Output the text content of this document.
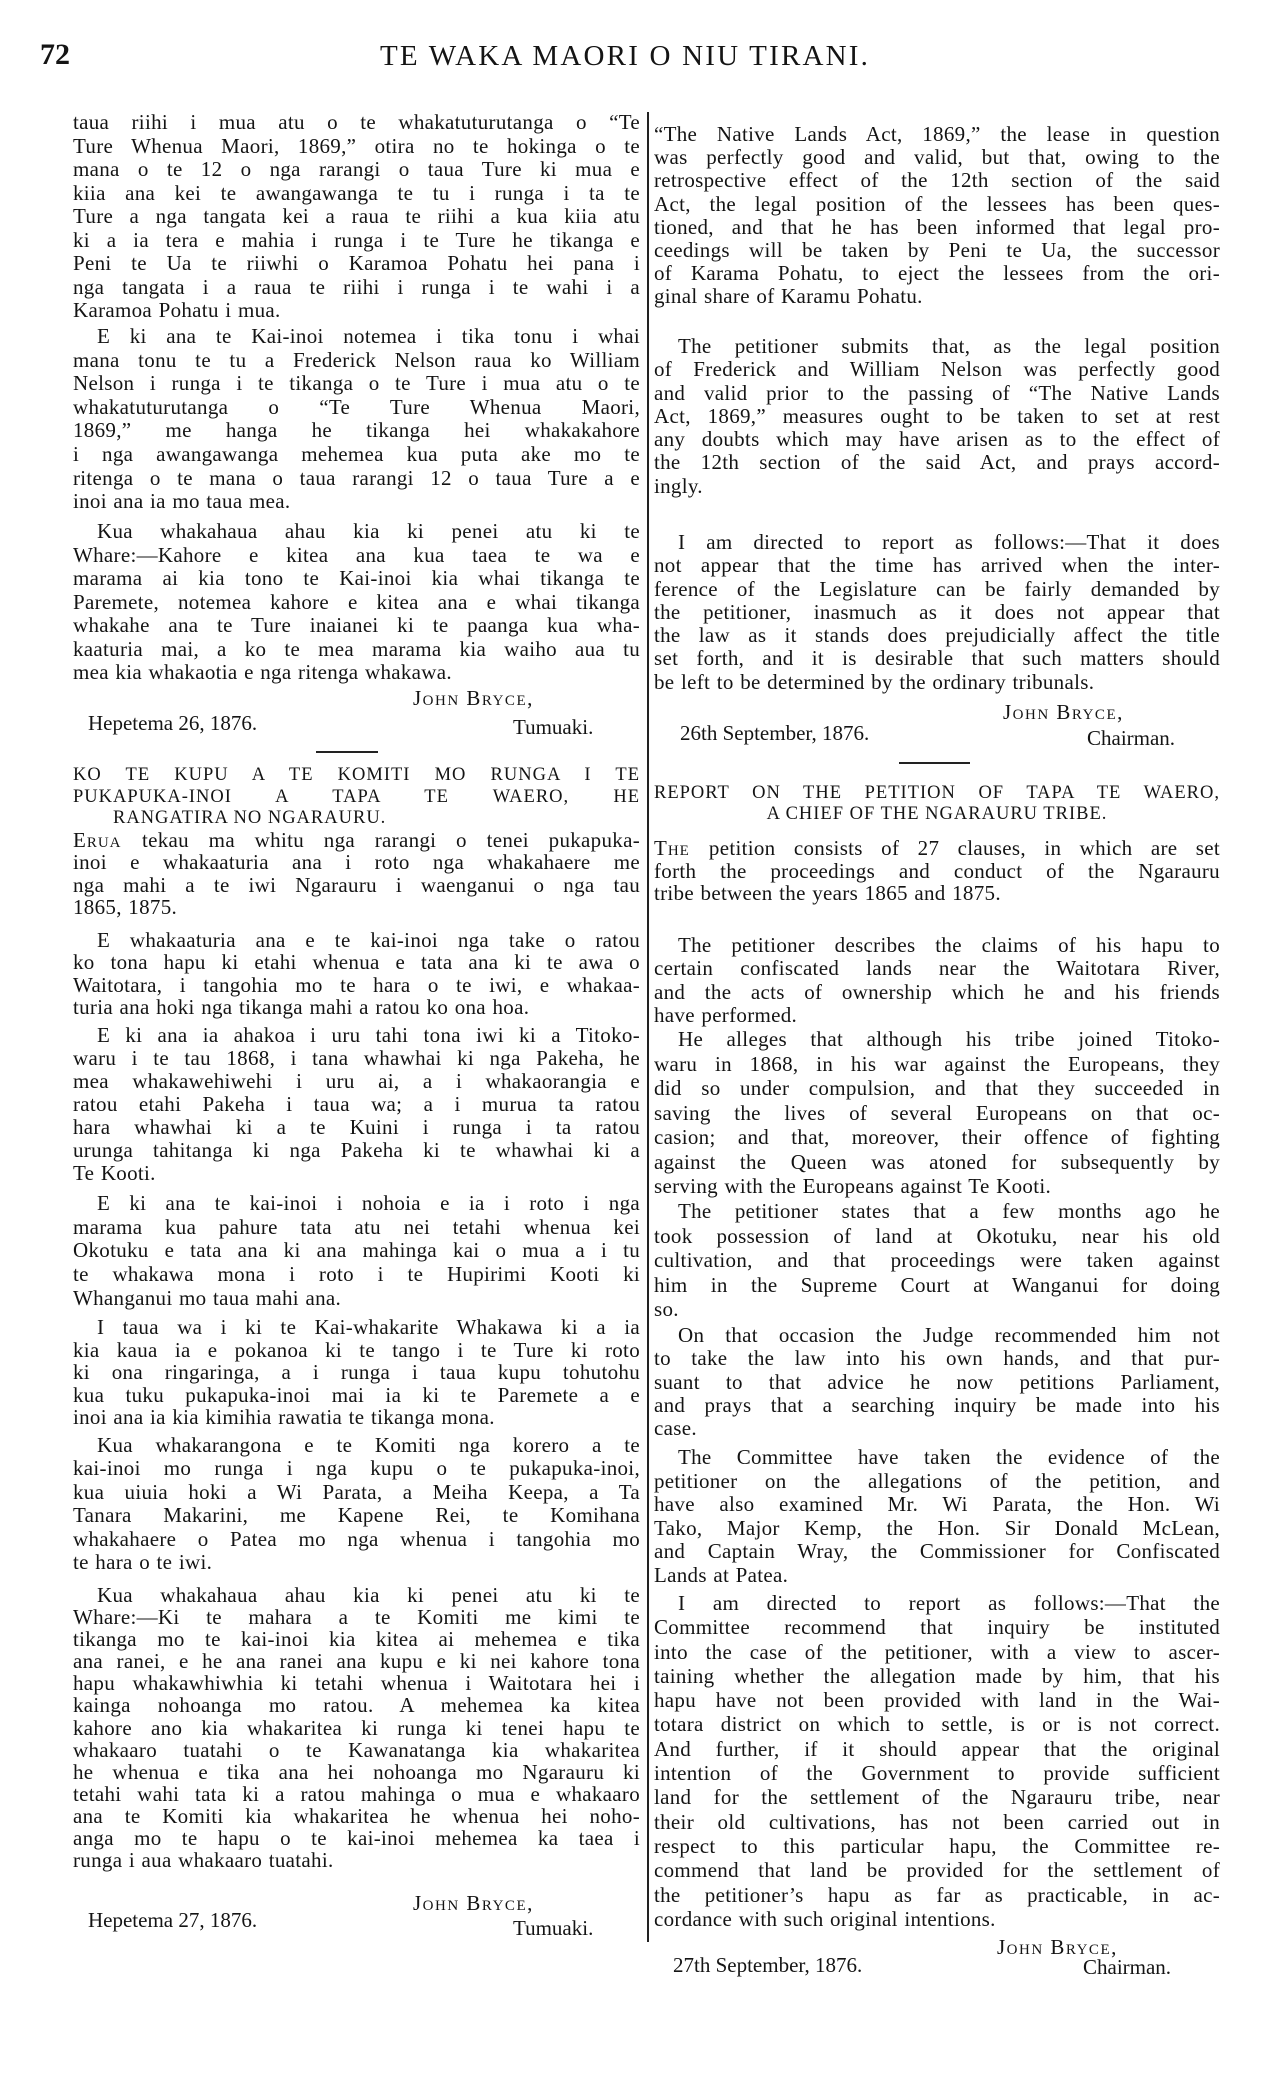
72	TE WAKA MAORI O NIU TIRANI.
taua riihi i mua atu o te whakatuturutanga o “Te
Ture Whenua Maori, 1869,” otira no te hokinga o te
mana o te 12 o nga rarangi o taua Ture ki mua e
kiia ana kei te awangawanga te tu i runga i ta te
Ture a nga tangata kei a raua te riihi a kua kiia atu
ki a ia tera e mahia i runga i te Ture he tikanga e
Peni te Ua te riiwhi o Karamoa Pohatu hei pana i
nga tangata i a raua te riihi i runga i te wahi i a
Karamoa Pohatu i mua.
E ki ana te Kai-inoi notemea i tika tonu i whai
mana tonu te tu a Frederick Nelson raua ko William
Nelson i runga i te tikanga o te Ture i mua atu o te
whakatuturutanga o “Te Ture Whenua Maori,
1869,” me hanga he tikanga hei whakakahore
i nga awangawanga mehemea kua puta ake mo te
ritenga o te mana o taua rarangi 12 o taua Ture a e
inoi ana ia mo taua mea.
Kua whakahaua ahau kia ki penei atu ki te
Whare:—Kahore e kitea ana kua taea te wa e
marama ai kia tono te Kai-inoi kia whai tikanga te
Paremete, notemea kahore e kitea ana e whai tikanga
whakahe ana te Ture inaianei ki te paanga kua wha-
kaaturia mai, a ko te mea marama kia waiho aua tu
mea kia whakaotia e nga ritenga whakawa.
John Bryce,
Hepetema 26, 1876.	Tumuaki.
KO TE KUPU A TE KOMITI MO RUNGA I TE
PUKAPUKA-INOI A TAPA TE WAERO, HE
RANGATIRA NO NGARAURU.
Erua tekau ma whitu nga rarangi o tenei pukapuka-
inoi e whakaaturia ana i roto nga whakahaere me
nga mahi a te iwi Ngarauru i waenganui o nga tau
1865, 1875.
E whakaaturia ana e te kai-inoi nga take o ratou
ko tona hapu ki etahi whenua e tata ana ki te awa o
Waitotara, i tangohia mo te hara o te iwi, e whakaa-
turia ana hoki nga tikanga mahi a ratou ko ona hoa.
E ki ana ia ahakoa i uru tahi tona iwi ki a Titoko-
waru i te tau 1868, i tana whawhai ki nga Pakeha, he
mea whakawehiwehi i uru ai, a i whakaorangia e
ratou etahi Pakeha i taua wa; a i murua ta ratou
hara whawhai ki a te Kuini i runga i ta ratou
urunga tahitanga ki nga Pakeha ki te whawhai ki a
Te Kooti.
E ki ana te kai-inoi i nohoia e ia i roto i nga
marama kua pahure tata atu nei tetahi whenua kei
Okotuku e tata ana ki ana mahinga kai o mua a i tu
te whakawa mona i roto i te Hupirimi Kooti ki
Whanganui mo taua mahi ana.
I taua wa i ki te Kai-whakarite Whakawa ki a ia
kia kaua ia e pokanoa ki te tango i te Ture ki roto
ki ona ringaringa, a i runga i taua kupu tohutohu
kua tuku pukapuka-inoi mai ia ki te Paremete a e
inoi ana ia kia kimihia rawatia te tikanga mona.
Kua whakarangona e te Komiti nga korero a te
kai-inoi mo runga i nga kupu o te pukapuka-inoi,
kua uiuia hoki a Wi Parata, a Meiha Keepa, a Ta
Tanara Makarini, me Kapene Rei, te Komihana
whakahaere o Patea mo nga whenua i tangohia mo
te hara o te iwi.
Kua whakahaua ahau kia ki penei atu ki te
Whare:—Ki te mahara a te Komiti me kimi te
tikanga mo te kai-inoi kia kitea ai mehemea e tika
ana ranei, e he ana ranei ana kupu e ki nei kahore tona
hapu whakawhiwhia ki tetahi whenua i Waitotara hei i
kainga nohoanga mo ratou. A mehemea ka kitea
kahore ano kia whakaritea ki runga ki tenei hapu te
whakaaro tuatahi o te Kawanatanga kia whakaritea
he whenua e tika ana hei nohoanga mo Ngarauru ki
tetahi wahi tata ki a ratou mahinga o mua e whakaaro
ana te Komiti kia whakaritea he whenua hei noho-
anga mo te hapu o te kai-inoi mehemea ka taea i
runga i aua whakaaro tuatahi.
John Bryce,
Hepetema 27, 1876.	Tumuaki.
“The Native Lands Act, 1869,” the lease in question
was perfectly good and valid, but that, owing to the
retrospective effect of the 12th section of the said
Act, the legal position of the lessees has been ques-
tioned, and that he has been informed that legal pro-
ceedings will be taken by Peni te Ua, the successor
of Karama Pohatu, to eject the lessees from the ori-
ginal share of Karamu Pohatu.
The petitioner submits that, as the legal position
of Frederick and William Nelson was perfectly good
and valid prior to the passing of “The Native Lands
Act, 1869,” measures ought to be taken to set at rest
any doubts which may have arisen as to the effect of
the 12th section of the said Act, and prays accord-
ingly.
I am directed to report as follows:—That it does
not appear that the time has arrived when the inter-
ference of the Legislature can be fairly demanded by
the petitioner, inasmuch as it does not appear that
the law as it stands does prejudicially affect the title
set forth, and it is desirable that such matters should
be left to be determined by the ordinary tribunals.
John Bryce,
26th September, 1876.	Chairman.
REPORT ON THE PETITION OF TAPA TE WAERO,
A CHIEF OF THE NGARAURU TRIBE.
The petition consists of 27 clauses, in which are set
forth the proceedings and conduct of the Ngarauru
tribe between the years 1865 and 1875.
The petitioner describes the claims of his hapu to
certain confiscated lands near the Waitotara River,
and the acts of ownership which he and his friends
have performed.
He alleges that although his tribe joined Titoko-
waru in 1868, in his war against the Europeans, they
did so under compulsion, and that they succeeded in
saving the lives of several Europeans on that oc-
casion; and that, moreover, their offence of fighting
against the Queen was atoned for subsequently by
serving with the Europeans against Te Kooti.
The petitioner states that a few months ago he
took possession of land at Okotuku, near his old
cultivation, and that proceedings were taken against
him in the Supreme Court at Wanganui for doing
so.
On that occasion the Judge recommended him not
to take the law into his own hands, and that pur-
suant to that advice he now petitions Parliament,
and prays that a searching inquiry be made into his
case.
The Committee have taken the evidence of the
petitioner on the allegations of the petition, and
have also examined Mr. Wi Parata, the Hon. Wi
Tako, Major Kemp, the Hon. Sir Donald McLean,
and Captain Wray, the Commissioner for Confiscated
Lands at Patea.
I am directed to report as follows:—That the
Committee recommend that inquiry be instituted
into the case of the petitioner, with a view to ascer-
taining whether the allegation made by him, that his
hapu have not been provided with land in the Wai-
totara district on which to settle, is or is not correct.
And further, if it should appear that the original
intention of the Government to provide sufficient
land for the settlement of the Ngarauru tribe, near
their old cultivations, has not been carried out in
respect to this particular hapu, the Committee re-
commend that land be provided for the settlement of
the petitioner’s hapu as far as practicable, in ac-
cordance with such original intentions.
John Bryce,
27th September, 1876.	Chairman.
